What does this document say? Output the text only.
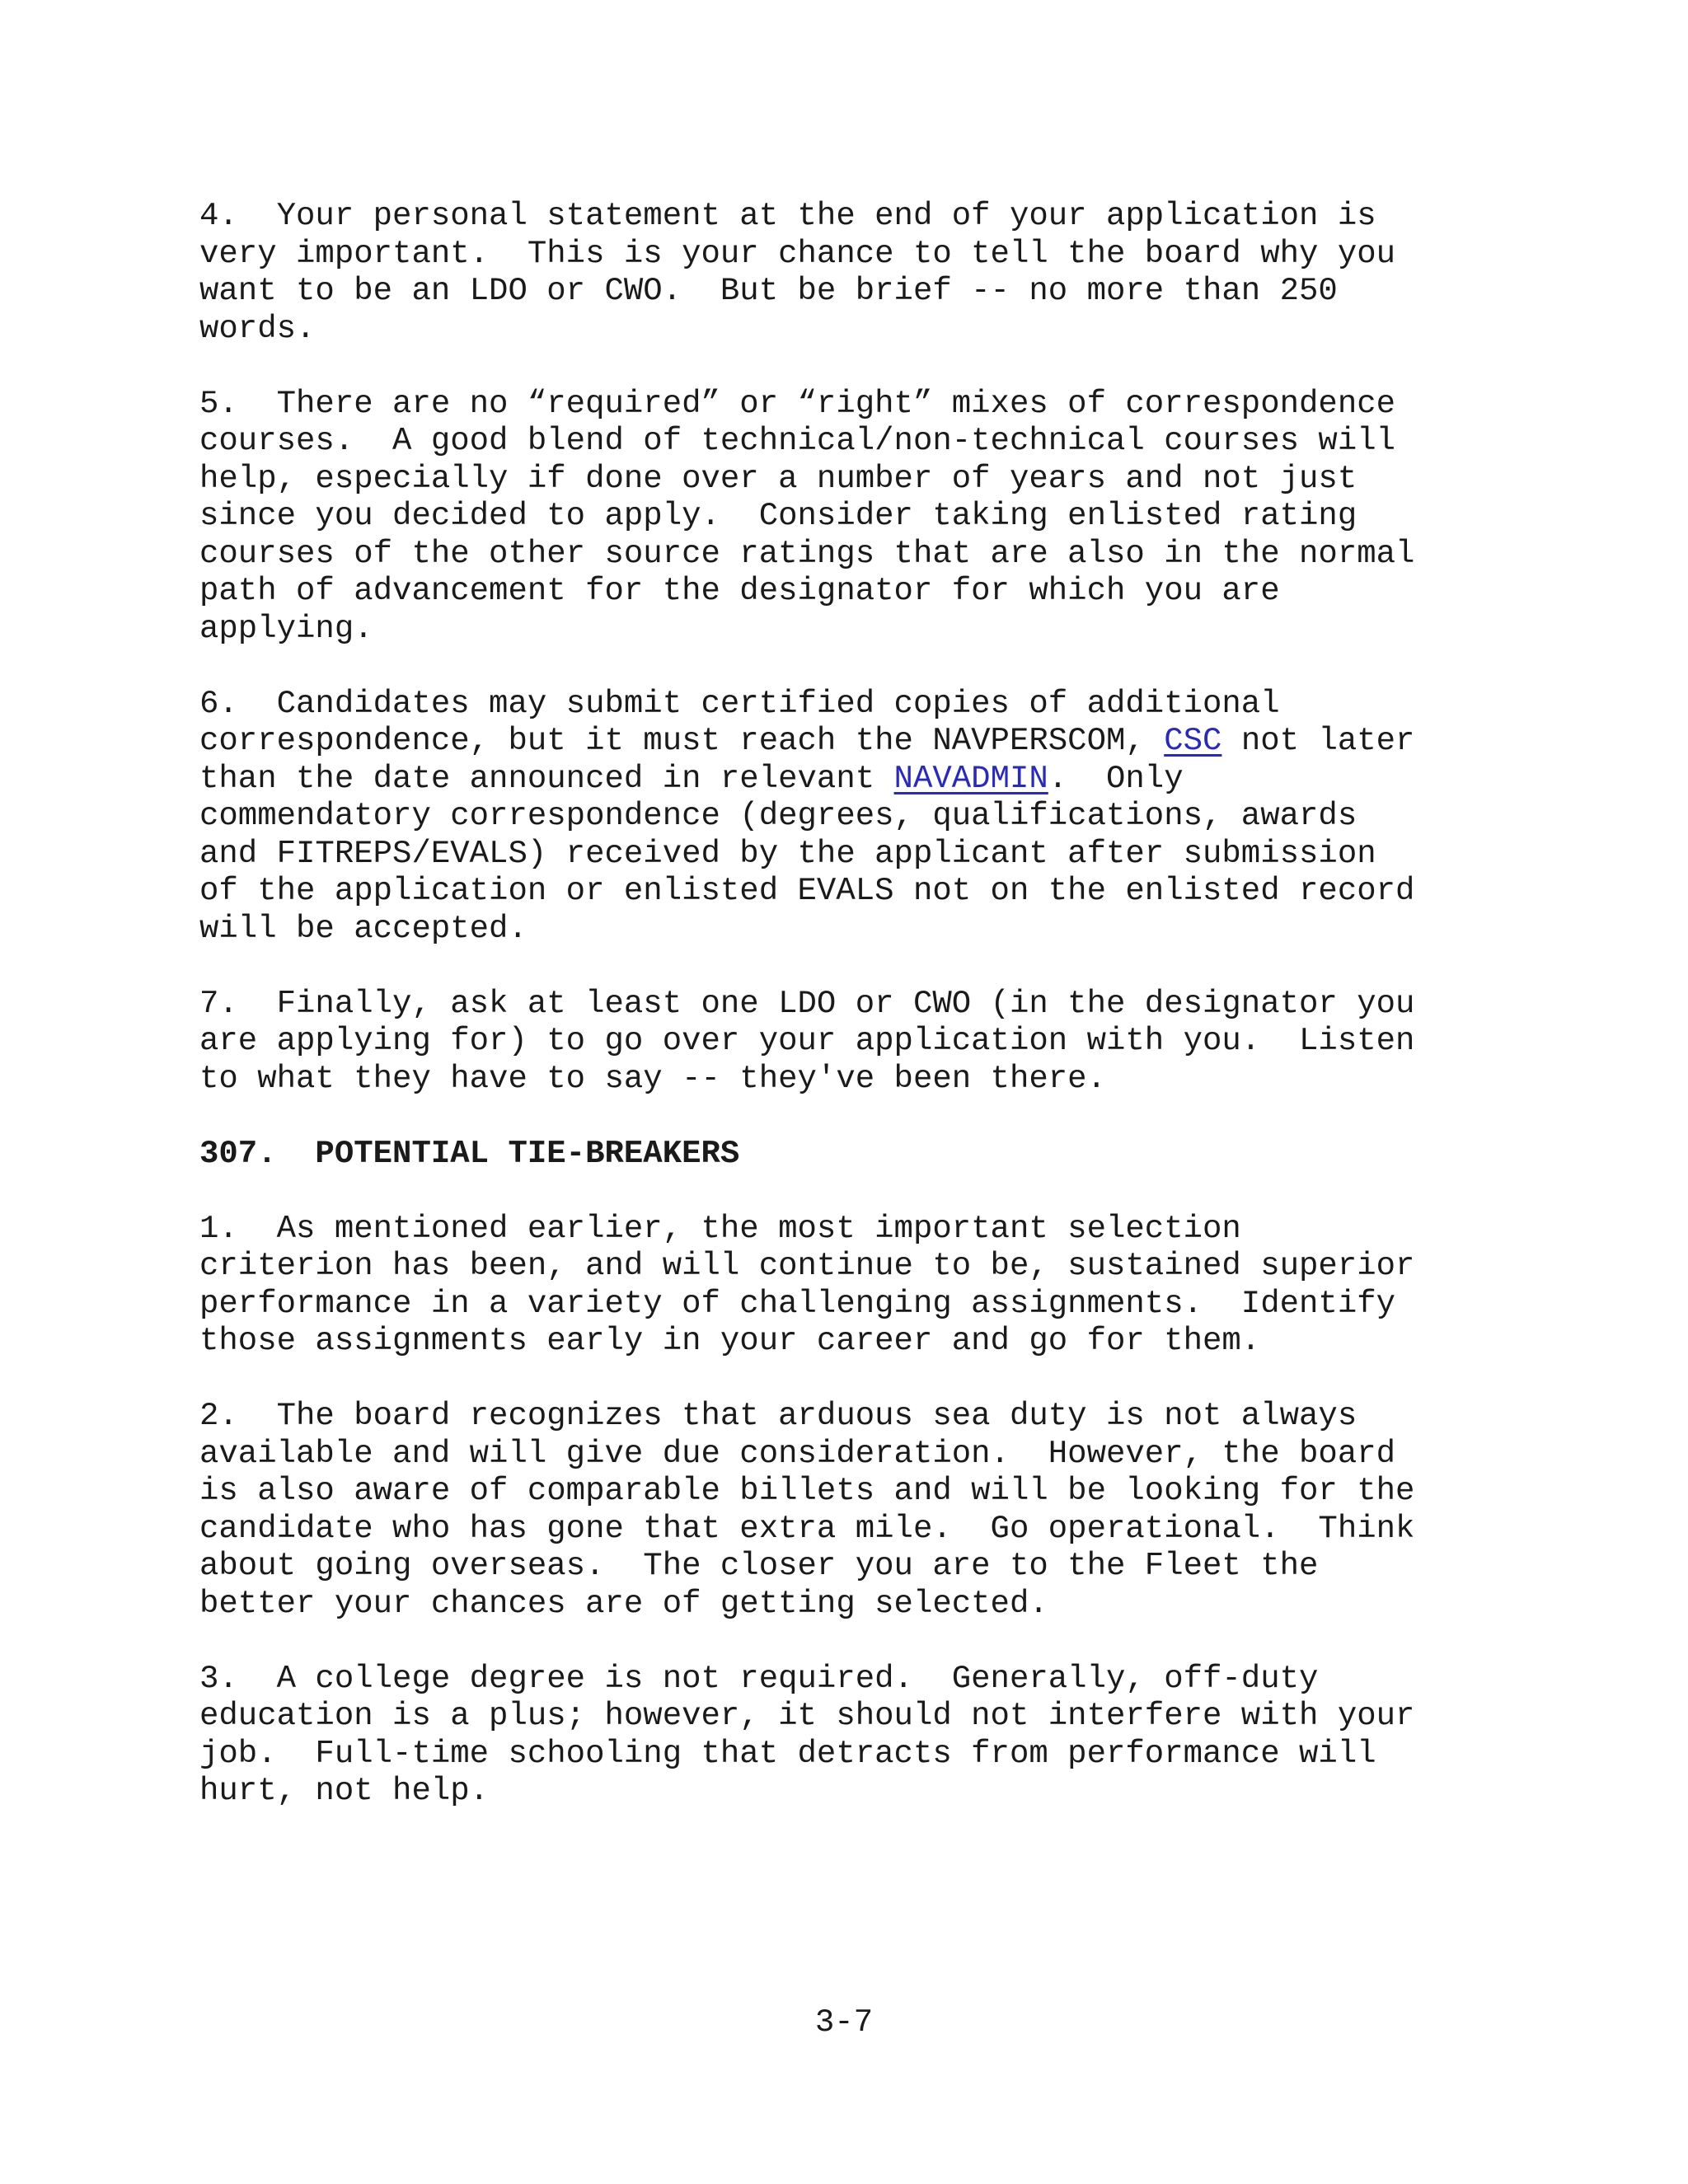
4.  Your personal statement at the end of your application is
very important.  This is your chance to tell the board why you
want to be an LDO or CWO.  But be brief -- no more than 250
words.
5.  There are no “required” or “right” mixes of correspondence
courses.  A good blend of technical/non-technical courses will
help, especially if done over a number of years and not just
since you decided to apply.  Consider taking enlisted rating
courses of the other source ratings that are also in the normal
path of advancement for the designator for which you are
applying.
6.  Candidates may submit certified copies of additional
correspondence, but it must reach the NAVPERSCOM, CSC not later
than the date announced in relevant NAVADMIN.  Only
commendatory correspondence (degrees, qualifications, awards
and FITREPS/EVALS) received by the applicant after submission
of the application or enlisted EVALS not on the enlisted record
will be accepted.
7.  Finally, ask at least one LDO or CWO (in the designator you
are applying for) to go over your application with you.  Listen
to what they have to say -- they've been there.
307.  POTENTIAL TIE-BREAKERS
1.  As mentioned earlier, the most important selection
criterion has been, and will continue to be, sustained superior
performance in a variety of challenging assignments.  Identify
those assignments early in your career and go for them.
2.  The board recognizes that arduous sea duty is not always
available and will give due consideration.  However, the board
is also aware of comparable billets and will be looking for the
candidate who has gone that extra mile.  Go operational.  Think
about going overseas.  The closer you are to the Fleet the
better your chances are of getting selected.
3.  A college degree is not required.  Generally, off-duty
education is a plus; however, it should not interfere with your
job.  Full-time schooling that detracts from performance will
hurt, not help.
3-7
